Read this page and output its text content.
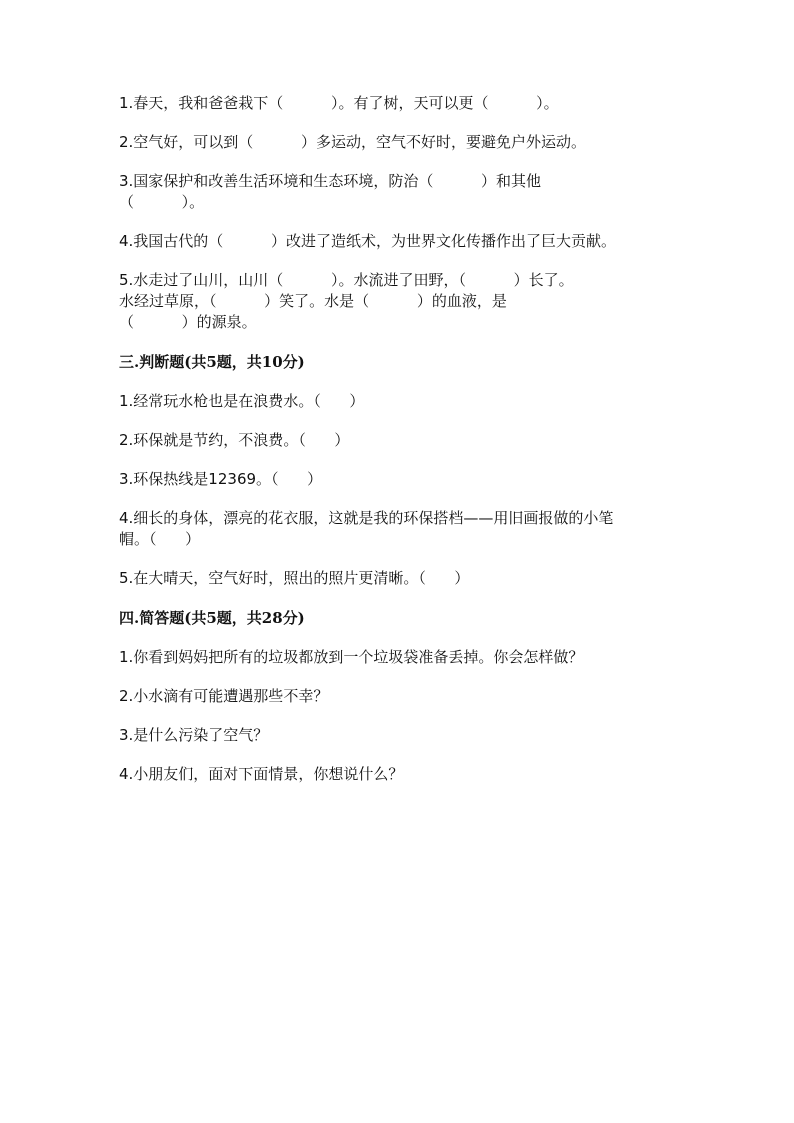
1.春天，我和爸爸栽下（          ）。有了树，天可以更（          ）。

2.空气好，可以到（          ）多运动，空气不好时，要避免户外运动。

3.国家保护和改善生活环境和生态环境，防治（          ）和其他

（          ）。

4.我国古代的（          ）改进了造纸术，为世界文化传播作出了巨大贡献。

5.水走过了山川，山川（          ）。水流进了田野，（          ）长了。

水经过草原，（          ）笑了。水是（          ）的血液，是

（          ）的源泉。

三.判断题(共5题，共10分)

1.经常玩水枪也是在浪费水。（      ）

2.环保就是节约，不浪费。（      ）

3.环保热线是12369。（      ）

4.细长的身体，漂亮的花衣服，这就是我的环保搭档——用旧画报做的小笔

帽。（      ）

5.在大晴天，空气好时，照出的照片更清晰。（      ）

四.简答题(共5题，共28分)

1.你看到妈妈把所有的垃圾都放到一个垃圾袋准备丢掉。你会怎样做？

2.小水滴有可能遭遇那些不幸？

3.是什么污染了空气？

4.小朋友们，面对下面情景，你想说什么？
